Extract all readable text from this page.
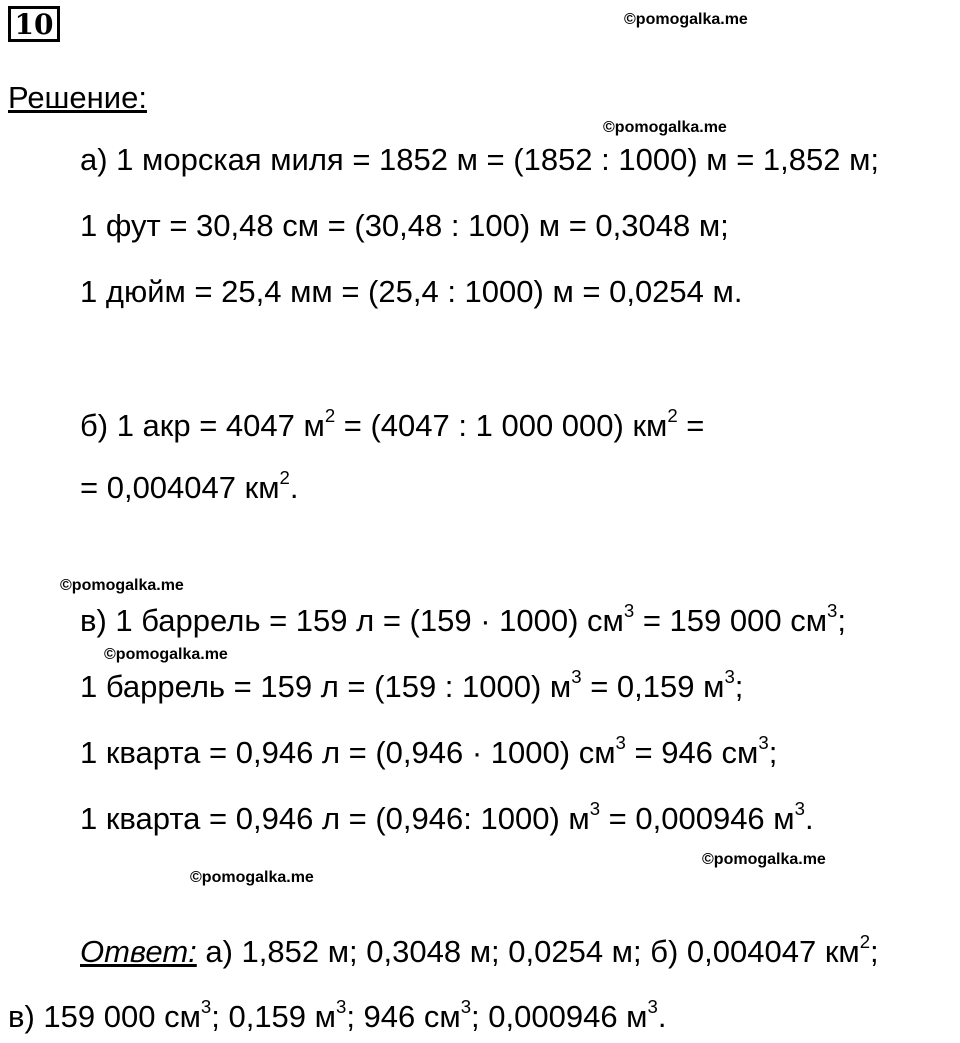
10	©pomogalka.me
©pomogalka.me
©pomogalka.me
©pomogalka.me
©pomogalka.me
©pomogalka.me
Решение:
а) 1 морская миля = 1852 м = (1852 : 1000) м = 1,852 м;
1 фут = 30,48 см = (30,48 : 100) м = 0,3048 м;
1 дюйм = 25,4 мм = (25,4 : 1000) м = 0,0254 м.
б) 1 акр = 4047 $м^2 = (4047$ : 1 000 000) $км^2$ =
= 0,004047 $км^2$.
в) 1 баррель = 159 л = (159 · 1000) $см^3 = 159$ 000 $см^3$;
1 баррель = 159 л = (159 : 1000) $м^3 = 0,159$ $м^3$;
1 кварта = 0,946 л = (0,946 · 1000) $см^3 = 946$ $см^3$;
1 кварта = 0,946 л = (0,946: 1000) $м^3 = 0,000946$ $м^3$.
Ответ: а) 1,852 м; 0,3048 м; 0,0254 м; б) 0,004047 $км^2$;
в) 159 000 $см^3$; 0,159 $м^3$; 946 $см^3$; 0,000946 $м^3$.
